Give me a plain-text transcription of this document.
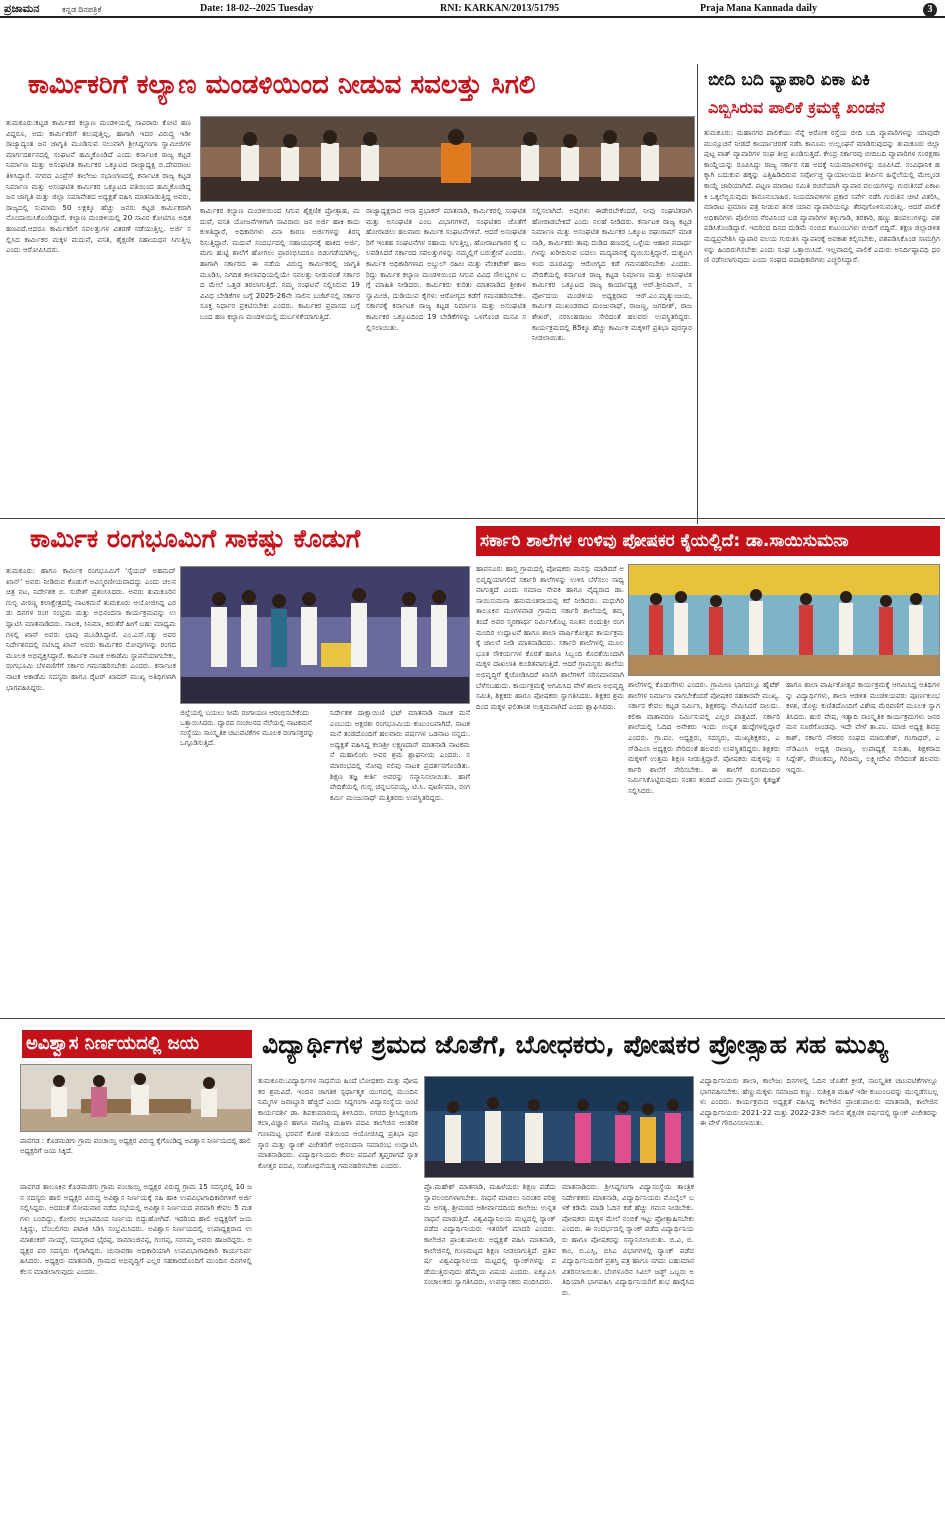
ಪ್ರಜಾಮನ	ಕನ್ನಡ ದಿನಪತ್ರಿಕೆ	Date: 18-02--2025 Tuesday	RNI: KARKAN/2013/51795	Praja Mana Kannada daily	3
ಕಾರ್ಮಿಕರಿಗೆ ಕಲ್ಯಾಣ ಮಂಡಳಿಯಿಂದ ನೀಡುವ ಸವಲತ್ತು ಸಿಗಲಿ
ತುಮಕೂರು:ಕಟ್ಟಡ ಕಾರ್ಮಿಕರ ಕಲ್ಯಾಣ ಮಂಡಳಿಯಲ್ಲಿ ಸಾವಿರಾರು ಕೋಟಿ ಹಣವಿದ್ದರೂ, ಅದು ಕಾರ್ಮಿಕರಿಗೆ ತಲುಪುತ್ತಿಲ್ಲ, ಹಾಗಾಗಿ ಇದರ ವಿರುದ್ಧ ಇಡೀ ರಾಜ್ಯಾದ್ಯಂತ ಜನ ಜಾಗೃತಿ ಮೂಡಿಸುವ ಸಲುವಾಗಿ ಶ್ರೀಸಿದ್ದಗಂಗಾ ಸ್ವಾಮೀಜಿಗಳ ಮಾರ್ಗದರ್ಶನದಲ್ಲಿ ಸಂಘಟನೆ ಹಮ್ಮಿಕೊಂಡಿದೆ ಎಂದು ಕರ್ನಾಟಕ ರಾಜ್ಯ ಕಟ್ಟಡ ನಿರ್ಮಾಣ ಮತ್ತು ಅಸಂಘಟಿತ ಕಾರ್ಮಿಕರ ಒಕ್ಕೂಟದ ರಾಜ್ಯಾಧ್ಯಕ್ಷ ಬಿ.ದೇವರಾಜು ತಿಳಿಸಿದ್ದಾರೆ. ನಗರದ ಎಂಪ್ರೆಸ್ ಕಾಲೇಜು ಸಭಾಂಗಣದಲ್ಲಿ ಕರ್ನಾಟಕ ರಾಜ್ಯ ಕಟ್ಟಡ ನಿರ್ಮಾಣ ಮತ್ತು ಅಸಂಘಟಿತ ಕಾರ್ಮಿಕರ ಒಕ್ಕೂಟದ ವತಿಯಿಂದ ಹಮ್ಮಿಕೊಂಡಿದ್ದ ಜನ ಜಾಗೃತಿ ಮತ್ತು ಜಿಲ್ಲಾ ಸಮಾವೇಶದ ಅಧ್ಯಕ್ಷತೆ ವಹಿಸಿ ಮಾತನಾಡುತ್ತಿದ್ದ ಅವರು,ರಾಜ್ಯದಲ್ಲಿ ಸುಮಾರು 50 ಲಕ್ಷಕ್ಕೂ ಹೆಚ್ಚು ಜನರು ಕಟ್ಟಡ ಕಾರ್ಮಿಕರಾಗಿ ನೊಂದಾಯಿಸಿಕೊಂಡಿದ್ದಾರೆ. ಕಲ್ಯಾಣ ಮಂಡಳಿಯಲ್ಲಿ 20 ಸಾವಿರ ಕೋಟಿಗೂ ಅಧಿಕ ಹಣವಿದೆ.ಆದರೂ ಕಾರ್ಮಿಕರಿಗೆ ಸವಲತ್ತುಗಳ ವಿತರಣೆ ನಡೆಯುತ್ತಿಲ್ಲ. ಅರ್ಜಿ ಸಲ್ಲಿಸಿದ ಕಾರ್ಮಿಕರ ಮಕ್ಕಳ ಮದುವೆ, ವಸತಿ, ಶೈಕ್ಷಣಿಕ ಸಹಾಯಧನ ಸಿಗುತ್ತಿಲ್ಲ ಎಂದು ಆರೋಪಿಸಿದರು.
ಕಾರ್ಮಿಕರ ಕಲ್ಯಾಣ ಮಂಡಳಿಯಿಂದ ಸಿಗುವ ಶೈಕ್ಷಣಿಕ ಪ್ರೋತ್ಸಾಹ, ಮದುವೆ, ವಸತಿ ಯೋಜನೆಗಳಿಗಾಗಿ ಸಾವಿರಾರು ಜನ ಅರ್ಜಿ ಹಾಕಿ ಕಾದು ಕುಳಿತಿದ್ದಾರೆ, ಅಧಿಕಾರಿಗಳು ವಿನಾ ಕಾರಣ ಅರ್ಜಿಗಳನ್ನು ತಿರಸ್ಕರಿಸುತ್ತಿದ್ದಾರೆ. ಮದುವೆ ಸಂದರ್ಭದಲ್ಲಿ ಸಹಾಯಧನಕ್ಕೆ ಹಾಕಿದ ಅರ್ಜಿ, ಮಗು ಹುಟ್ಟಿ ಶಾಲೆಗೆ ಹೋಗಲು ಪ್ರಾರಂಭಿಸಿದರೂ ಬಿಡುಗಡೆಯಾಗಿಲ್ಲ. ಹಾಗಾಗಿ ಸರ್ಕಾರದ ಈ ನಡೆಯ ವಿರುದ್ಧ ಕಾರ್ಮಿಕರಲ್ಲಿ ಜಾಗೃತಿ ಮೂಡಿಸಿ, ನಿಗದಿತ ಕಾಲಾವಧಿಯಲ್ಲಿಯೇ ಸವಲತ್ತು ನೀಡುವಂತೆ ಸರ್ಕಾರದ ಮೇಲೆ ಒತ್ತಡ ತರಲಾಗುತ್ತಿದೆ. ನಮ್ಮ ಸಂಘಟನೆ ಸಲ್ಲಿಸಿರುವ 19 ವಿವಿಧ ಬೇಡಿಕೆಗಳ ಬಗ್ಗೆ 2025-26ನೇ ಸಾಲಿನ ಬಜೆಟ್‌ನಲ್ಲಿ ಸರ್ಕಾರ ಸೂಕ್ತ ನಿರ್ಧಾರ ಪ್ರಕಟಿಸಬೇಕು ಎಂದರು. ಕಾರ್ಮಿಕರ ಪ್ರವಾಸದ ಬಗ್ಗೆ ಬಂದ ಹಣ ಕಲ್ಯಾಣ ಮಂಡಳಿಯಲ್ಲಿ ದುರ್ಬಳಕೆಯಾಗುತ್ತಿದೆ.
ರಾಜ್ಯಾಧ್ಯಕ್ಷರಾದ ಆನಾ ಪ್ರಭಾಕರ್ ಮಾತನಾಡಿ, ಕಾರ್ಮಿಕರಲ್ಲಿ ಸಂಘಟಿತ ಮತ್ತು ಅಸಂಘಟಿತ ಎಂಬ ವಿಭಾಗಗಳಿವೆ, ಸಂಘಟಿತರ ಜೊತೆಗೆ ಹೋರಾಡಲು ಹಲವಾರು ಕಾರ್ಮಿಕ ಸಂಘಟನೆಗಳಿವೆ. ಆದರೆ ಅಸಂಘಟಿತರಿಗೆ ಇಂತಹ ಸಂಘಟನೆಗಳ ಸಹಾಯ ಸಿಗುತ್ತಿಲ್ಲ. ಹೋರಾಟಗಾರರ ಕೈ ಬಲಪಡಿಸಿದರೆ ಸರ್ಕಾರದ ಸವಲತ್ತುಗಳನ್ನು ನಮ್ಮಲ್ಲಿಗೆ ಬರುತ್ತೇವೆ ಎಂದರು. ಕಾರ್ಮಿಕ ಅಧಿಕಾರಿಗಳಾದ ಅಬ್ದುಲ್ ರಹೀಂ ಮತ್ತು ವೆಂಕಟೇಶ್ ಹಾಜರಿದ್ದು ಕಾರ್ಮಿಕ ಕಲ್ಯಾಣ ಮಂಡಳಿಯಿಂದ ಸಿಗುವ ವಿವಿಧ ಸೌಲಭ್ಯಗಳ ಬಗ್ಗೆ ಮಾಹಿತಿ ನೀಡಿದರು. ಕಾರ್ಮಿಕರು ಕುರಿತು ಮಾತನಾಡಿದ ಶ್ರೀಕಾಳ ಸ್ವಾಮೀಜಿ, ದುಡಿಯುವ ಕೈಗಳು ಆರೋಗ್ಯದ ಕಡೆಗೆ ಗಮನಹರಿಸಬೇಕು. ಸರ್ಕಾರಕ್ಕೆ ಕರ್ನಾಟಕ ರಾಜ್ಯ ಕಟ್ಟಡ ನಿರ್ಮಾಣ ಮತ್ತು ಅಸಂಘಟಿತ ಕಾರ್ಮಿಕರ ಒಕ್ಕೂಟದಿಂದ 19 ಬೇಡಿಕೆಗಳನ್ನು ಒಳಗೊಂಡ ಮನವಿ ಸಲ್ಲಿಸಲಾಯಿತು.
ಸಲ್ಲಿಸಲಾಗಿದೆ. ಅವುಗಳು ಈಡೇರಬೇಕೆಂದರೆ, ನೀವು ಸಂಘಟಿತರಾಗಿ ಹೋರಾಡಬೇಕಿದೆ ಎಂದು ಸಲಹೆ ನೀಡಿದರು. ಕರ್ನಾಟಕ ರಾಜ್ಯ ಕಟ್ಟಡ ನಿರ್ಮಾಣ ಮತ್ತು ಅಸಂಘಟಿತ ಕಾರ್ಮಿಕರ ಒಕ್ಕೂಟ ರಘುರಾಮ್ ಮಾತನಾಡಿ, ಕಾರ್ಮಿಕರು ತಾವು ದುಡಿದ ಹಣದಲ್ಲಿ ಒಳ್ಳೆಯ ಆಹಾರ ಪದಾರ್ಥಗಳನ್ನು ಖರೀದಿಸುವ ಬದಲು ಮದ್ಯಪಾನಕ್ಕೆ ವ್ಯಯಿಸುತ್ತಿದ್ದಾರೆ. ದುಶ್ಚಟಗಳಿಂದ ದೂರವಿದ್ದು ಆರೋಗ್ಯದ ಕಡೆ ಗಮನಹರಿಸಬೇಕು ಎಂದರು. ವೇದಿಕೆಯಲ್ಲಿ ಕರ್ನಾಟಕ ರಾಜ್ಯ ಕಟ್ಟಡ ನಿರ್ಮಾಣ ಮತ್ತು ಅಸಂಘಟಿತ ಕಾರ್ಮಿಕರ ಒಕ್ಕೂಟದ ರಾಜ್ಯ ಕಾರ್ಯಾಧ್ಯಕ್ಷ ಆರ್.ಶ್ರೀನಿವಾಸ್, ಸರ್ವೋದಯ ಮಂಡಳಿಯ ಅಧ್ಯಕ್ಷರಾದ ಆರ್.ಎಂ.ಮೃತ್ಯುಂಜಯ, ಕಾರ್ಮಿಕ ಮುಖಂಡರಾದ ಮಂಜುನಾಥ್, ರಾಜಣ್ಣ, ಜಗದೀಶ್, ರಾಜಶೇಖರ್, ನರಸಿಂಹರಾಜು ಸೇರಿದಂತೆ ಹಲವರು ಉಪಸ್ಥಿತರಿದ್ದರು. ಕಾರ್ಯಕ್ರಮದಲ್ಲಿ 85ಕ್ಕೂ ಹೆಚ್ಚು ಕಾರ್ಮಿಕ ಮಕ್ಕಳಿಗೆ ಪ್ರತಿಭಾ ಪುರಸ್ಕಾರ ನೀಡಲಾಯಿತು.
ಬೀದಿ ಬದಿ ವ್ಯಾಪಾರಿ ಏಕಾ ಏಕಿ
ಎಬ್ಬಿಸಿರುವ ಪಾಲಿಕೆ ಕ್ರಮಕ್ಕೆ ಖಂಡನೆ
ತುಮಕೂರು: ಮಹಾನಗರ ಪಾಲಿಕೆಯು ನೆನ್ನೆ ಅರೋಕ ರಸ್ತೆಯ ಬೀದಿ ಬದಿ ವ್ಯಾಪಾರಿಗಳನ್ನು ಯಾವುದೇ ಮುನ್ಸೂಚನೆ ನೀಡದೆ ಕಾರ್ಯಾಚರಣೆ ನಡೆಸಿ ಕಾನೂನು ಉಲ್ಲಂಘನೆ ಮಾಡಿರುವುದನ್ನು ತುಮಕೂರು ಜಿಲ್ಲಾ ಪುಟ್ಟ ಪಾತ್ ವ್ಯಾಪಾರಿಗಳ ಸಂಘ ತೀವ್ರ ಖಂಡಿಸುತ್ತದೆ. ಕೇಂದ್ರ ಸರ್ಕಾರವು ಬೀದಿಬದಿ ವ್ಯಾಪಾರಿಗಳ ಸಂರಕ್ಷಣಾ ಕಾಯ್ದೆಯನ್ನು ರೂಪಿಸಿದ್ದು ರಾಜ್ಯ ಸರ್ಕಾರ ಸಹ ಅದಕ್ಕೆ ನಿಯಮಾವಳಿಗಳನ್ನು ರೂಪಿಸಿದೆ. ಸಂವಿಧಾನಿಕ ಹಕ್ಕಾಗಿ ಬದುಕುವ ಹಕ್ಕನ್ನು ಎತ್ತಿಹಿಡಿದಿರುವ ಸರ್ವೋಚ್ಛ ನ್ಯಾಯಾಲಯದ ತೀರ್ಪಿನ ಹಿನ್ನೆಲೆಯಲ್ಲಿ ಮೇಲ್ಕಂಡ ಕಾಯ್ದೆ ಜಾರಿಯಾಗಿದೆ. ಪಟ್ಟಣ ಮಾರಾಟ ಸಮಿತಿ ರಚನೆಯಾಗಿ ವ್ಯಾಪಾರ ವಲಯಗಳನ್ನು ಗುರುತಿಸದೆ ಏಕಾಏಕಿ ಒಕ್ಕಲೆಬ್ಬಿಸುವುದು ಕಾನೂನುಬಾಹಿರ. ನಿಯಮಾವಳಿಗಳ ಪ್ರಕಾರ ಸರ್ವೇ ನಡೆಸಿ ಗುರುತಿನ ಚೀಟಿ ವಿತರಿಸಿ, ಮಾರಾಟ ಪ್ರಮಾಣ ಪತ್ರ ನೀಡುವ ತನಕ ಯಾವ ವ್ಯಾಪಾರಿಯನ್ನೂ ತೆರವುಗೊಳಿಸುವಂತಿಲ್ಲ. ಆದರೆ ಪಾಲಿಕೆ ಅಧಿಕಾರಿಗಳು ಪೊಲೀಸರ ನೆರವಿನಿಂದ ಬಡ ವ್ಯಾಪಾರಿಗಳ ತಳ್ಳುಗಾಡಿ, ತರಕಾರಿ, ಹಣ್ಣು ಹಂಪಲುಗಳನ್ನು ವಶಪಡಿಸಿಕೊಂಡಿದ್ದಾರೆ. ಇದರಿಂದ ದಿನದ ದುಡಿಮೆ ನಂಬಿದ ಕುಟುಂಬಗಳು ಬೀದಿಗೆ ಬಿದ್ದಿವೆ. ತಕ್ಷಣ ಜಿಲ್ಲಾಡಳಿತ ಮಧ್ಯಪ್ರವೇಶಿಸಿ ವ್ಯಾಪಾರ ವಲಯ ಗುರುತಿಸಿ ವ್ಯಾಪಾರಕ್ಕೆ ಅವಕಾಶ ಕಲ್ಪಿಸಬೇಕು, ವಶಪಡಿಸಿಕೊಂಡ ಸಾಮಗ್ರಿಗಳನ್ನು ಹಿಂದಿರುಗಿಸಬೇಕು ಎಂದು ಸಂಘ ಒತ್ತಾಯಿಸಿದೆ. ಇಲ್ಲವಾದಲ್ಲಿ ಪಾಲಿಕೆ ಎದುರು ಅನಿರ್ದಿಷ್ಟಾವಧಿ ಧರಣಿ ನಡೆಸಲಾಗುವುದು ಎಂದು ಸಂಘದ ಪದಾಧಿಕಾರಿಗಳು ಎಚ್ಚರಿಸಿದ್ದಾರೆ.
ಕಾರ್ಮಿಕ ರಂಗಭೂಮಿಗೆ ಸಾಕಷ್ಟು ಕೊಡುಗೆ
ತುಮಕೂರು: ಹಾಗೂ ಕಾರ್ಮಿಕ ರಂಗಭೂಮಿಗೆ ‘ಸೈಯದ್ ಅಹಮದ್ ಖಾನ್’ ಅವರು ನೀಡಿರುವ ಕೊಡುಗೆ ಅವಿಸ್ಮರಣೀಯವಾದದ್ದು ಎಂದು ಚಲನಚಿತ್ರ ನಟ, ನಿರ್ದೇಶಕ ಬಿ. ಸುರೇಶ್ ಪ್ರಶಂಸಿಸಿದರು. ಅವರು ತುಮಕೂರಿನ ಗುಬ್ಬಿ ವೀರಣ್ಣ ಕಲಾಕ್ಷೇತ್ರದಲ್ಲಿ ನಾಟಕಮನೆ ತುಮಕೂರು ಆಯೋಜಿಸಿದ್ದ ಎರಡು ದಿನಗಳ ರಂಗ ಸಂಭ್ರಮ ಮತ್ತು ಅಭಿನಂದನಾ ಕಾರ್ಯಕ್ರಮವನ್ನು ಉದ್ಘಾಟಿಸಿ ಮಾತನಾಡಿದರು. ನಾಟಕ, ಸಿನಿಮಾ, ಕಿರುತೆರೆ ಹೀಗೆ ಬಹು ಮಾಧ್ಯಮಗಳಲ್ಲಿ ಖಾನ್ ಅವರು ಛಾಪು ಮೂಡಿಸಿದ್ದಾರೆ. ಎಂ.ಎಸ್.ಸತ್ಯು ಅವರ ನಿರ್ದೇಶನದಲ್ಲಿ ನಟಿಸಿದ್ದ ಖಾನ್ ಅವರು ಕಾರ್ಮಿಕರ ನೋವುಗಳನ್ನು ರಂಗದ ಮೂಲಕ ಅಭಿವ್ಯಕ್ತಿಸಿದ್ದಾರೆ. ಕಾರ್ಮಿಕ ನಾಟಕ ಅಕಾಡೆಮಿ ಸ್ಥಾಪನೆಯಾಗಬೇಕು, ರಂಗಭೂಮಿ ಬೆಳವಣಿಗೆಗೆ ಸರ್ಕಾರ ಗಮನಹರಿಸಬೇಕು ಎಂದರು. ಕರ್ನಾಟಕ ನಾಟಕ ಅಕಾಡೆಮಿ ಸದಸ್ಯರು ಹಾಗೂ ರೈಟರ್ ಖಾದರ್ ಮುಖ್ಯ ಅತಿಥಿಗಳಾಗಿ ಭಾಗವಹಿಸಿದ್ದರು.
ಜಿಲ್ಲೆಯಲ್ಲಿ ಬಯಲು ಸೀಮೆ ರಂಗಾಯಣ ಆರಂಭಿಸಬೇಕೆಂದು ಒತ್ತಾಯಿಸಿದರು. ದ್ವಾರದ ಸಂಚಲನದ ನೆಲೆಯಲ್ಲಿ ನಾಟಕಮನೆ ಸಂಸ್ಥೆಯು ಸಾಂಸ್ಕೃತಿಕ ಚಟುವಟಿಕೆಗಳ ಮೂಲಕ ರಂಗಾಸಕ್ತರನ್ನು ಒಗ್ಗೂಡಿಸುತ್ತಿದೆ.
ನಿರ್ದೇಶಕ ದಾಕ್ಷಾಯಿಣಿ ಭಟ್ ಮಾತನಾಡಿ ನಾಟಕ ಮನೆ ಎಂಬುದು ಅಕ್ಷರಶಃ ರಂಗಭೂಮಿಯ ಕುಟುಂಬವಾಗಿದೆ. ನಾಟಕ ಮನೆ ತಂಡದೊಂದಿಗೆ ಹಲವಾರು ವರ್ಷಗಳ ಒಡನಾಟ ನನ್ನದು. ಅಧ್ಯಕ್ಷತೆ ವಹಿಸಿದ್ದ ಕಲಾಶ್ರೀ ಲಕ್ಷ್ಮಣದಾಸ್ ಮಾತನಾಡಿ ನಾಟಕಮನೆ ಮಹಾಲಿಂಗು ಅವರ ಶ್ರಮ ಶ್ಲಾಘನೀಯ ಎಂದರು. ಸಮಾರಂಭದಲ್ಲಿ ನೋವು ನಲಿವು ನಾಟಕ ಪ್ರದರ್ಶನಗೊಂಡಿತು. ಶಿಕ್ಷಣ ತಜ್ಞ ಕೀರ್ತಿ ಅವರನ್ನು ಸನ್ಮಾನಿಸಲಾಯಿತು. ಹಾಗೆ ವೇದಿಕೆಯಲ್ಲಿ ಗುಬ್ಬಿ ಚನ್ನಬಸವಯ್ಯ, ಟಿ.ಸಿ. ಪೂರ್ಣಿಮಾ, ರಂಗಕರ್ಮಿ ಮಂಜುನಾಥ್ ಮತ್ತಿತರರು ಉಪಸ್ಥಿತರಿದ್ದರು.
ಸರ್ಕಾರಿ ಶಾಲೆಗಳ ಉಳಿವು ಪೋಷಕರ ಕೈಯಲ್ಲಿದೆ: ಡಾ.ಸಾಯಿಸುಮನಾ
ಹಾವನೂರ: ಹಾಸ್ತ ಗ್ರಾಮದಲ್ಲಿ ಪೋಷಕರು ಮನಸ್ಸು ಮಾಡಿದರೆ ಅಭಿವೃದ್ದಿಯಾಗಲಿದೆ ಸರ್ಕಾರಿ ಶಾಲೆಗಳನ್ನು ಉಳಿಸಿ ಬೆಳೆಸಲು ಸಾಧ್ಯವಾಗುತ್ತದೆ ಎಂದು ಸಮಾಜ ಸೇವಕಿ ಹಾಗೂ ವೈದ್ಯರಾದ ಡಾ.ಸಾಯಿಸುಮನಾ ಹನುಮಂತರಾಯಪ್ಪ ಕರೆ ನೀಡಿದರು. ಮಧುಗಿರಿ ತಾಲೂಕಿನ ಮಂಗಳವಾಡ ಗ್ರಾಮದ ಸರ್ಕಾರಿ ಶಾಲೆಯಲ್ಲಿ ತಮ್ಮ ತಂದೆ ಅವರ ಸ್ಮರಣಾರ್ಥ ನಿರ್ಮಿಸಿಕೊಟ್ಟ ನೂತನ ಬಿಂದುಶ್ರೀ ರಂಗಮಂದಿರ ಉದ್ಘಾಟನೆ ಹಾಗೂ ಶಾಲಾ ವಾರ್ಷಿಕೋತ್ಸವ ಕಾರ್ಯಕ್ರಮಕ್ಕೆ ಚಾಲನೆ ನೀಡಿ ಮಾತನಾಡಿದರು. ಸರ್ಕಾರಿ ಶಾಲೆಗಳಲ್ಲಿ ಮೂಲಭೂತ ಸೌಕರ್ಯಗಳ ಕೊರತೆ ಹಾಗೂ ಸಿಬ್ಬಂದಿ ಕೊರತೆಯಿಂದಾಗಿ ಮಕ್ಕಳ ದಾಖಲಾತಿ ಕುಂಠಿತವಾಗುತ್ತಿದೆ. ಆದರೆ ಗ್ರಾಮಸ್ಥರು ಶಾಲೆಯ ಅಭಿವೃದ್ಧಿಗೆ ಕೈಜೋಡಿಸಿದರೆ ಖಾಸಗಿ ಶಾಲೆಗಳಿಗೆ ಸರಿಸಮಾನವಾಗಿ ಬೆಳೆಸಬಹುದು. ಕಾರ್ಯಕ್ರಮಕ್ಕೆ ಆಗಮಿಸಿದ ವೇಳೆ ಶಾಲಾ ಅಭಿವೃದ್ಧಿ ಸಮಿತಿ, ಶಿಕ್ಷಕರು ಹಾಗೂ ಪೋಷಕರು ಸ್ವಾಗತಿಸಿದರು. ಶಿಕ್ಷಕರ ಶ್ರಮದಿಂದ ಮಕ್ಕಳ ಫಲಿತಾಂಶ ಉತ್ತಮವಾಗಿದೆ ಎಂದು ಶ್ಲಾಘಿಸಿದರು.
ಶಾಲೆಗಳಲ್ಲಿ ಕೊಡುಗೆಗಳು ಎಂದರು. ಗ್ರಾಮೀಣ ಭಾಗದಲ್ಲೂ ಹೈಟೆಕ್ ಶಾಲೆಗಳ ನಿರ್ಮಾಣ ವಾಗಬೇಕೆಂದರೆ ಪೋಷಕರ ಸಹಕಾರವೇ ಮುಖ್ಯ. ಸರ್ಕಾರ ಕೇವಲ ಕಟ್ಟಡ ನಿರ್ಮಿಸಿ, ಶಿಕ್ಷಕರನ್ನು ನೇಮಿಸಿದರೆ ಸಾಲದು. ಕಲಿಕಾ ವಾತಾವರಣ ನಿರ್ಮಿಸುವಲ್ಲಿ ಎಲ್ಲರ ಪಾತ್ರವಿದೆ. ಸರ್ಕಾರಿ ಶಾಲೆಯಲ್ಲಿ ಓದಿದ ಅನೇಕರು ಇಂದು ಉನ್ನತ ಹುದ್ದೆಗಳಲ್ಲಿದ್ದಾರೆ ಎಂದರು. ಗ್ರಾ.ಪಂ. ಅಧ್ಯಕ್ಷರು, ಸದಸ್ಯರು, ಮುಖ್ಯಶಿಕ್ಷಕರು, ಎಸ್‌ಡಿಎಂಸಿ ಅಧ್ಯಕ್ಷರು ಸೇರಿದಂತೆ ಹಲವರು ಉಪಸ್ಥಿತರಿದ್ದರು. ಶಿಕ್ಷಕರು ಮಕ್ಕಳಿಗೆ ಉತ್ತಮ ಶಿಕ್ಷಣ ನೀಡುತ್ತಿದ್ದಾರೆ. ಪೋಷಕರು ಮಕ್ಕಳನ್ನು ಸರ್ಕಾರಿ ಶಾಲೆಗೆ ಸೇರಿಸಬೇಕು. ಈ ಶಾಲೆಗೆ ರಂಗಮಂದಿರ ನಿರ್ಮಿಸಿಕೊಟ್ಟಿರುವುದು ಸಂತಸ ತಂದಿದೆ ಎಂದು ಗ್ರಾಮಸ್ಥರು ಕೃತಜ್ಞತೆ ಸಲ್ಲಿಸಿದರು.
ಹಾಗೂ ಶಾಲಾ ವಾರ್ಷಿಕೋತ್ಸವ ಕಾರ್ಯಕ್ರಮಕ್ಕೆ ಆಗಮಿಸಿದ್ದ ಅತಿಥಿಗಳನ್ನು ವಿದ್ಯಾರ್ಥಿಗಳು, ಶಾಲಾ ಆಡಳಿತ ಮಂಡಳಿಯವರು ಪೂರ್ಣಕುಂಭ ಕಳಶ, ಡೊಳ್ಳು ಕುಣಿತದೊಂದಿಗೆ ವಿಶೇಷ ಮೆರವಣಿಗೆ ಮೂಲಕ ಸ್ವಾಗತಿಸಿದರು. ಹುಲಿ ವೇಷ, ಇತ್ಯಾದಿ ಸಾಂಸ್ಕೃತಿಕ ಕಾರ್ಯಕ್ರಮಗಳು ಜನರ ಮನ ಸೂರೆಗೊಂಡವು. ಇದೇ ವೇಳೆ ತಾ.ಪಂ. ಮಾಜಿ ಅಧ್ಯಕ್ಷ ಶಿವಪ್ರಕಾಶ್, ಸರ್ಕಾರಿ ನೌಕರರ ಸಂಘದ ಮಾರುತೇಶ್, ಗಂಗಾಧರ್, ಎಸ್‌ಡಿಎಂಸಿ ಅಧ್ಯಕ್ಷ ರಾಜಣ್ಣ, ಉಪಾಧ್ಯಕ್ಷೆ ಸುನಿತಾ, ಶಿಕ್ಷಕರಾದ ಸಿದ್ದೇಶ್, ರೇಣುಕಮ್ಮ, ಗಿರಿಜಮ್ಮ, ಲಕ್ಷ್ಮೀದೇವಿ ಸೇರಿದಂತೆ ಹಲವರು ಇದ್ದರು.
ಅವಿಶ್ವಾಸ ನಿರ್ಣಯದಲ್ಲಿ ಜಯ
ಪಾವಗಡ : ಕೊಡಮಡಗು ಗ್ರಾಮ ಪಂಚಾಯ್ತಿ ಅಧ್ಯಕ್ಷರ ವಿರುದ್ಧ ಕೈಗೊಂಡಿದ್ದ ಅವಿಶ್ವಾಸ ನಿರ್ಣಯದಲ್ಲಿ ಹಾಲಿ ಅಧ್ಯಕ್ಷರಿಗೆ ಜಯ ಸಿಕ್ಕಿದೆ.
ಪಾವಗಡ ತಾಲೂಕಿನ ಕೊಡಮಡಗು ಗ್ರಾಮ ಪಂಚಾಯ್ತಿ ಅಧ್ಯಕ್ಷರ ವಿರುದ್ಧ ಗ್ರಾಮ 15 ಸದಸ್ಯರಲ್ಲಿ 10 ಜನ ಸದಸ್ಯರು ಹಾಲಿ ಅಧ್ಯಕ್ಷರ ವಿರುದ್ಧ ಅವಿಶ್ವಾಸ ನಿರ್ಣಯಕ್ಕೆ ಸಹಿ ಹಾಕಿ ಉಪವಿಭಾಗಾಧಿಕಾರಿಗಳಿಗೆ ಅರ್ಜಿ ಸಲ್ಲಿಸಿದ್ದರು. ಅದರಂತೆ ಸೋಮವಾರ ನಡೆದ ಸಭೆಯಲ್ಲಿ ಅವಿಶ್ವಾಸ ನಿರ್ಣಯದ ಪರವಾಗಿ ಕೇವಲ 5 ಮತಗಳು ಬಂದಿದ್ದು, ಕೋರಂ ಅಭಾವದಿಂದ ನಿರ್ಣಯ ಬಿದ್ದುಹೋಗಿದೆ. ಇದರಿಂದ ಹಾಲಿ ಅಧ್ಯಕ್ಷರಿಗೆ ಜಯ ಸಿಕ್ಕಿದ್ದು, ಬೆಂಬಲಿಗರು ಪಟಾಕಿ ಸಿಡಿಸಿ ಸಂಭ್ರಮಿಸಿದರು. ಅವಿಶ್ವಾಸ ನಿರ್ಣಯದಲ್ಲಿ ಉಪಾಧ್ಯಕ್ಷರಾದ ಉಮಾಶಂಕರ್ ನಾಯ್ಕ್, ಸದಸ್ಯರಾದ ಭೈರಪ್ಪ, ರಾಮಾಂಜಿನಪ್ಪ, ಗಂಗಪ್ಪ, ಸರಸಮ್ಮ ಅವರು ಹಾಜರಿದ್ದರು. ಅಧ್ಯಕ್ಷರ ಪರ ಸದಸ್ಯರು ಗೈರಾಗಿದ್ದರು. ಚುನಾವಣಾ ಅಧಿಕಾರಿಯಾಗಿ ಉಪವಿಭಾಗಾಧಿಕಾರಿ ಕಾರ್ಯನಿರ್ವಹಿಸಿದರು. ಅಧ್ಯಕ್ಷರು ಮಾತನಾಡಿ, ಗ್ರಾಮದ ಅಭಿವೃದ್ಧಿಗೆ ಎಲ್ಲರ ಸಹಕಾರದೊಂದಿಗೆ ಮುಂದಿನ ದಿನಗಳಲ್ಲಿ ಕೆಲಸ ಮಾಡಲಾಗುವುದು ಎಂದರು.
ವಿದ್ಯಾರ್ಥಿಗಳ ಶ್ರಮದ ಜೊತೆಗೆ, ಬೋಧಕರು, ಪೋಷಕರ ಪ್ರೋತ್ಸಾಹ ಸಹ ಮುಖ್ಯ
ತುಮಕೂರು:ವಿದ್ಯಾರ್ಥಿಗಳ ಸಾಧನೆಯ ಹಿಂದೆ ಬೋಧಕರು ಮತ್ತು ಪೋಷಕರ ಶ್ರಮವಿದೆ. ಇಂದಿನ ಜಾಗತಿಕ ಸ್ಪರ್ಧಾತ್ಮಕ ಯುಗದಲ್ಲಿ ಮುಂದಿನ ನಿಮ್ಮಗಳ ಜವಾಬ್ದಾರಿ ಹೆಚ್ಚಿದೆ ಎಂದು ಸಿದ್ದಗಂಗಾ ವಿದ್ಯಾಸಂಸ್ಥೆಯ ಜಂಟಿ ಕಾರ್ಯದರ್ಶಿ ಡಾ. ಶಿವಕುಮಾರಯ್ಯ ತಿಳಿಸಿದರು. ನಗರದ ಶ್ರೀಸಿದ್ದಗಂಗಾ ಕಲಾ,ವಿಜ್ಞಾನ ಹಾಗೂ ವಾಣಿಜ್ಯ ಮಹಿಳಾ ಪದವಿ ಕಾಲೇಜಿನ ಆಂತರಿಕ ಗುಣಮಟ್ಟ ಭರವಸೆ ಕೋಶ ವತಿಯಿಂದ ಆಯೋಜಿಸಿದ್ದ ಪ್ರತಿಭಾ ಪುರಸ್ಕಾರ ಮತ್ತು ರ್‍ಯಾಂಕ್ ವಿಜೇತರಿಗೆ ಅಭಿನಂದನಾ ಸಮಾರಂಭ ಉದ್ಘಾಟಿಸಿ ಮಾತನಾಡಿದರು. ವಿದ್ಯಾರ್ಥಿನಿಯರು ಕೇವಲ ಪದವಿಗೆ ತೃಪ್ತರಾಗದೆ ಸ್ನಾತಕೋತ್ತರ ಪದವಿ, ಸಂಶೋಧನೆಯತ್ತ ಗಮನಹರಿಸಬೇಕು ಎಂದರು.
ಪ್ರೊ.ಮಹೇಶ್ ಮಾತನಾಡಿ, ಮಹಿಳೆಯರು ಶಿಕ್ಷಣ ಪಡೆದು ಸ್ವಾವಲಂಬಿಗಳಾಗಬೇಕು. ಸಾಧನೆ ಮಾಡಲು ನಿರಂತರ ಪರಿಶ್ರಮ ಅಗತ್ಯ. ಶ್ರೀಮಠದ ಆಶೀರ್ವಾದದಿಂದ ಕಾಲೇಜು ಉನ್ನತ ಸಾಧನೆ ಮಾಡುತ್ತಿದೆ. ವಿಶ್ವವಿದ್ಯಾನಿಲಯ ಮಟ್ಟದಲ್ಲಿ ರ್‍ಯಾಂಕ್ ಪಡೆದ ವಿದ್ಯಾರ್ಥಿನಿಯರು ಇತರರಿಗೆ ಮಾದರಿ ಎಂದರು. ಕಾಲೇಜಿನ ಪ್ರಾಂಶುಪಾಲರು ಅಧ್ಯಕ್ಷತೆ ವಹಿಸಿ ಮಾತನಾಡಿ, ಕಾಲೇಜಿನಲ್ಲಿ ಗುಣಮಟ್ಟದ ಶಿಕ್ಷಣ ನೀಡಲಾಗುತ್ತಿದೆ. ಪ್ರತಿವರ್ಷ ವಿಶ್ವವಿದ್ಯಾನಿಲಯ ಮಟ್ಟದಲ್ಲಿ ರ್‍ಯಾಂಕ್‌ಗಳನ್ನು ಪಡೆಯುತ್ತಿರುವುದು ಹೆಮ್ಮೆಯ ವಿಷಯ ಎಂದರು. ಐಕ್ಯೂಎಸಿ ಸಂಚಾಲಕರು ಸ್ವಾಗತಿಸಿದರು, ಉಪನ್ಯಾಸಕರು ವಂದಿಸಿದರು.
ಮಾತನಾಡಿದರು. ಶ್ರೀಸಿದ್ದಗಂಗಾ ವಿದ್ಯಾಸಂಸ್ಥೆಯ ತಾಂತ್ರಿಕ ನಿರ್ದೇಶಕರು ಮಾತನಾಡಿ, ವಿದ್ಯಾರ್ಥಿನಿಯರು ಮೊಬೈಲ್ ಬಳಕೆ ಕಡಿಮೆ ಮಾಡಿ ಓದಿನ ಕಡೆ ಹೆಚ್ಚು ಗಮನ ನೀಡಬೇಕು. ಪೋಷಕರು ಮಕ್ಕಳ ಮೇಲೆ ನಂಬಿಕೆ ಇಟ್ಟು ಪ್ರೋತ್ಸಾಹಿಸಬೇಕು ಎಂದರು. ಈ ಸಂದರ್ಭದಲ್ಲಿ ರ್‍ಯಾಂಕ್ ಪಡೆದ ವಿದ್ಯಾರ್ಥಿನಿಯರು ಹಾಗೂ ಪೋಷಕರನ್ನು ಸನ್ಮಾನಿಸಲಾಯಿತು. ಬಿ.ಎ, ಬಿ.ಕಾಂ, ಬಿ.ಎಸ್ಸಿ, ಬಿಸಿಎ ವಿಭಾಗಗಳಲ್ಲಿ ರ್‍ಯಾಂಕ್ ಪಡೆದ ವಿದ್ಯಾರ್ಥಿನಿಯರಿಗೆ ಪ್ರಶಸ್ತಿ ಪತ್ರ ಹಾಗೂ ನಗದು ಬಹುಮಾನ ವಿತರಿಸಲಾಯಿತು. ಬೆಂಗಳೂರಿನ ಸಿವಿಲ್ ಜಡ್ಜ್ ಒಬ್ಬರು ಅತಿಥಿಯಾಗಿ ಭಾಗವಹಿಸಿ ವಿದ್ಯಾರ್ಥಿನಿಯರಿಗೆ ಶುಭ ಹಾರೈಸಿದರು.
ವಿದ್ಯಾರ್ಥಿನಿಯರು ಶಾಲಾ, ಕಾಲೇಜು ದಿನಗಳಲ್ಲಿ ಓದಿನ ಜೊತೆಗೆ ಕ್ರೀಡೆ, ಸಾಂಸ್ಕೃತಿಕ ಚಟುವಟಿಕೆಗಳಲ್ಲೂ ಭಾಗವಹಿಸಬೇಕು. ಹೆಣ್ಣುಮಕ್ಕಳು ಸಮಾಜದ ಕಣ್ಣು. ಸುಶಿಕ್ಷಿತ ಮಹಿಳೆ ಇಡೀ ಕುಟುಂಬವನ್ನು ಮುನ್ನಡೆಸಬಲ್ಲಳು ಎಂದರು. ಕಾರ್ಯಕ್ರಮದ ಅಧ್ಯಕ್ಷತೆ ವಹಿಸಿದ್ದ ಕಾಲೇಜಿನ ಪ್ರಾಂಶುಪಾಲರು ಮಾತನಾಡಿ, ಕಾಲೇಜಿನ ವಿದ್ಯಾರ್ಥಿನಿಯರು 2021-22 ಮತ್ತು 2022-23ನೇ ಸಾಲಿನ ಶೈಕ್ಷಣಿಕ ವರ್ಷದಲ್ಲಿ ರ್‍ಯಾಂಕ್ ವಿಜೇತರನ್ನು ಈ ವೇಳೆ ಗೌರವಿಸಲಾಯಿತು.
